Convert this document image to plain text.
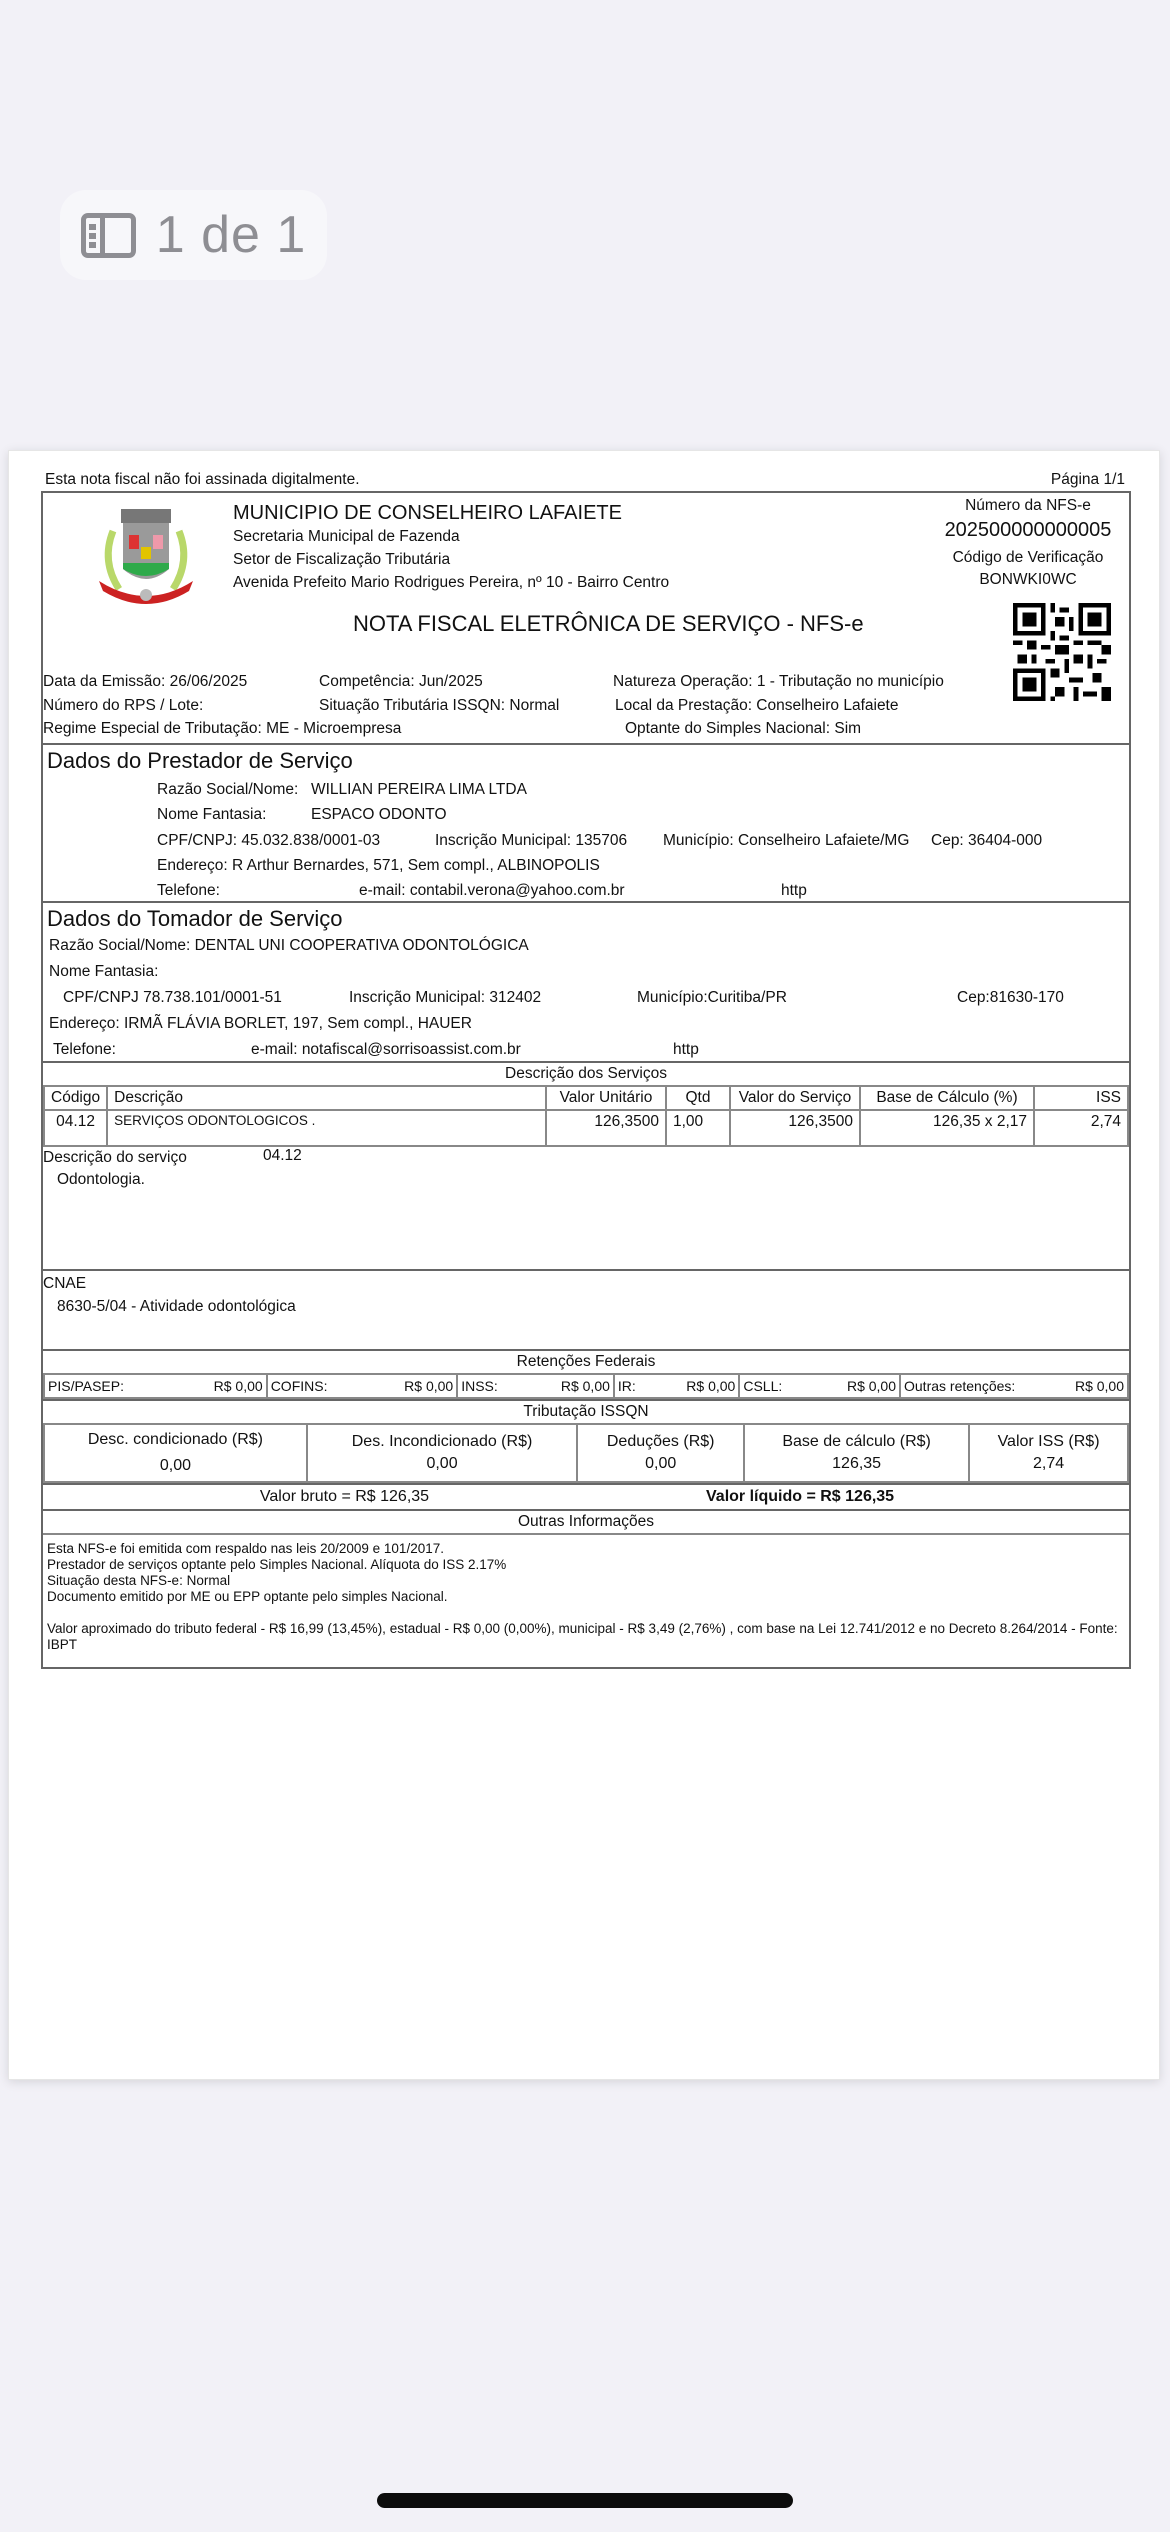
1 de 1
Esta nota fiscal não foi assinada digitalmente.	Página 1/1
MUNICIPIO DE CONSELHEIRO LAFAIETE
Secretaria Municipal de Fazenda
Setor de Fiscalização Tributária
Avenida Prefeito Mario Rodrigues Pereira, nº 10 - Bairro Centro
Número da NFS-e
202500000000005
Código de Verificação
BONWKI0WC
NOTA FISCAL ELETRÔNICA DE SERVIÇO - NFS-e
Data da Emissão: 26/06/2025	Competência: Jun/2025	Natureza Operação: 1 - Tributação no município
Número do RPS / Lote:	Situação Tributária ISSQN: Normal	Local da Prestação: Conselheiro Lafaiete
Regime Especial de Tributação: ME - Microempresa	Optante do Simples Nacional: Sim
Dados do Prestador de Serviço
Razão Social/Nome: WILLIAN PEREIRA LIMA LTDA
Nome Fantasia:	ESPACO ODONTO
CPF/CNPJ: 45.032.838/0001-03	Inscrição Municipal: 135706 Município: Conselheiro Lafaiete/MG Cep: 36404-000
Endereço: R Arthur Bernardes, 571, Sem compl., ALBINOPOLIS
Telefone:	e-mail: contabil.verona@yahoo.com.br	http
Dados do Tomador de Serviço
Razão Social/Nome: DENTAL UNI COOPERATIVA ODONTOLÓGICA
Nome Fantasia:
CPF/CNPJ 78.738.101/0001-51	Inscrição Municipal: 312402	Município:Curitiba/PR	Cep:81630-170
Endereço: IRMÃ FLÁVIA BORLET, 197, Sem compl., HAUER
Telefone:	e-mail: notafiscal@sorrisoassist.com.br	http
Descrição dos Serviços
Código	Descrição	Valor Unitário	Qtd	Valor do Serviço	Base de Cálculo (%)	ISS
04.12	SERVIÇOS ODONTOLOGICOS .	126,3500	1,00	126,3500	126,35 x 2,17	2,74
Descrição do serviço	04.12
Odontologia.
CNAE
8630-5/04 - Atividade odontológica
Retenções Federais
PIS/PASEP:	R$ 0,00	COFINS:	R$ 0,00	INSS:	R$ 0,00	IR:	R$ 0,00	CSLL:	R$ 0,00	Outras retenções:	R$ 0,00
Tributação ISSQN
Desc. condicionado (R$)
0,00

Des. Incondicionado (R$)
0,00

Deduções (R$)
0,00

Base de cálculo (R$)
126,35

Valor ISS (R$)
2,74
Valor bruto = R$ 126,35	Valor líquido = R$ 126,35
Outras Informações
Esta NFS-e foi emitida com respaldo nas leis 20/2009 e 101/2017.
Prestador de serviços optante pelo Simples Nacional. Alíquota do ISS 2.17%
Situação desta NFS-e: Normal
Documento emitido por ME ou EPP optante pelo simples Nacional.
Valor aproximado do tributo federal - R$ 16,99 (13,45%), estadual - R$ 0,00 (0,00%), municipal - R$ 3,49 (2,76%) , com base na Lei 12.741/2012 e no Decreto 8.264/2014 - Fonte: IBPT
